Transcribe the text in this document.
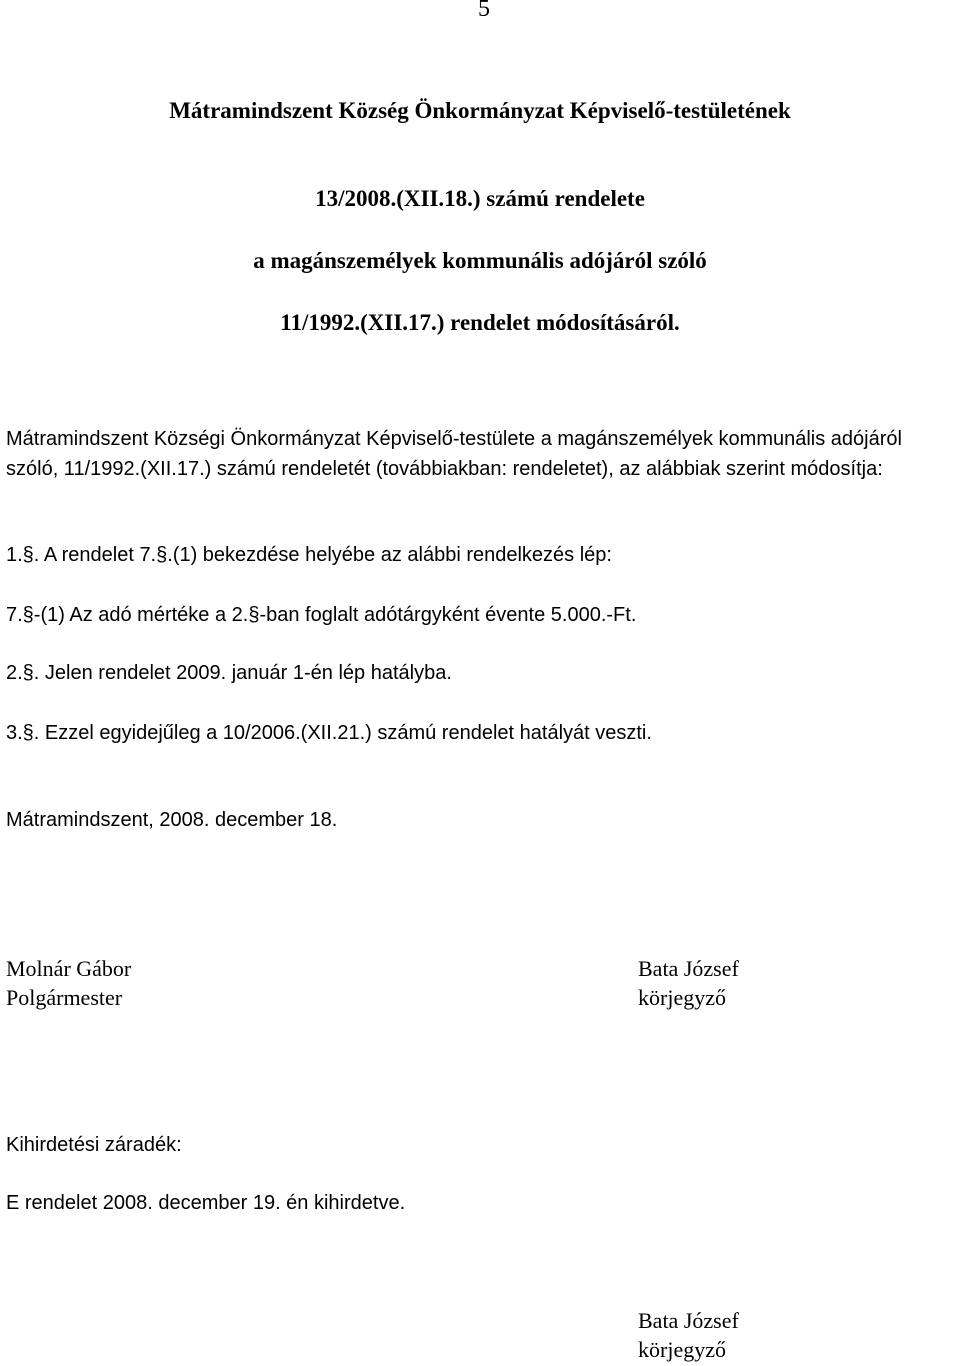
5
Mátramindszent Község Önkormányzat Képviselő-testületének
13/2008.(XII.18.) számú rendelete
a magánszemélyek kommunális adójáról szóló
11/1992.(XII.17.) rendelet módosításáról.
Mátramindszent Községi Önkormányzat Képviselő-testülete a magánszemélyek kommunális adójáról szóló, 11/1992.(XII.17.) számú rendeletét (továbbiakban: rendeletet), az alábbiak szerint módosítja:
1.§. A rendelet 7.§.(1) bekezdése helyébe az alábbi rendelkezés lép:
7.§-(1) Az adó mértéke a 2.§-ban foglalt adótárgyként évente 5.000.-Ft.
2.§. Jelen rendelet 2009. január 1-én lép hatályba.
3.§. Ezzel egyidejűleg a 10/2006.(XII.21.) számú rendelet hatályát veszti.
Mátramindszent, 2008. december 18.
Molnár Gábor
Polgármester
Bata József
körjegyző
Kihirdetési záradék:
E rendelet 2008. december 19. én kihirdetve.
Bata József
körjegyző
